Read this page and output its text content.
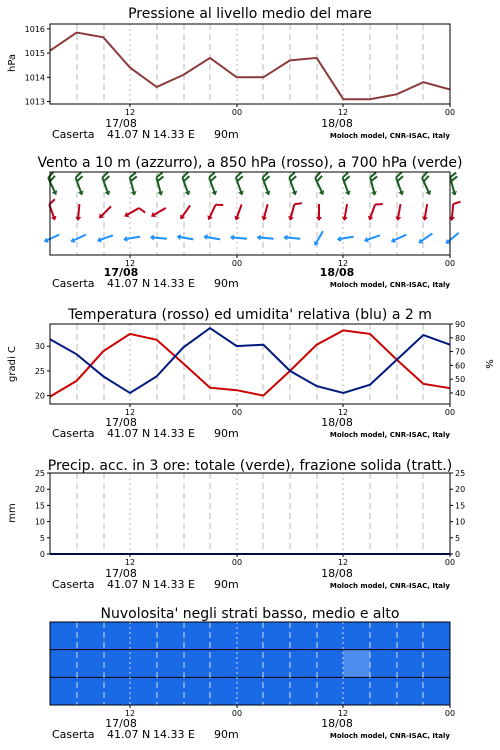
Pressione al livello medio del mare
hPa
1013
1014
1015
1016
12	00	12	00
17/08	18/08
Caserta 41.07 N 14.33 E 90m	Moloch model, CNR-ISAC, Italy
Vento a 10 m (azzurro), a 850 hPa (rosso), a 700 hPa (verde)
12	00	12	00
17/08	18/08
Caserta 41.07 N 14.33 E 90m	Moloch model, CNR-ISAC, Italy
Temperatura (rosso) ed umidita' relativa (blu) a 2 m
gradi C	%
20
25
30
40
50
60
70
80
90
12	00	12	00
17/08	18/08
Caserta 41.07 N 14.33 E 90m	Moloch model, CNR-ISAC, Italy
Precip. acc. in 3 ore: totale (verde), frazione solida (tratt.)
mm
0
5
10
15
20
25
0
5
10
15
20
25
12	00	12	00
17/08	18/08
Caserta 41.07 N 14.33 E 90m	Moloch model, CNR-ISAC, Italy
Nuvolosita' negli strati basso, medio e alto
12	00	12	00
17/08	18/08
Caserta 41.07 N 14.33 E 90m	Moloch model, CNR-ISAC, Italy
